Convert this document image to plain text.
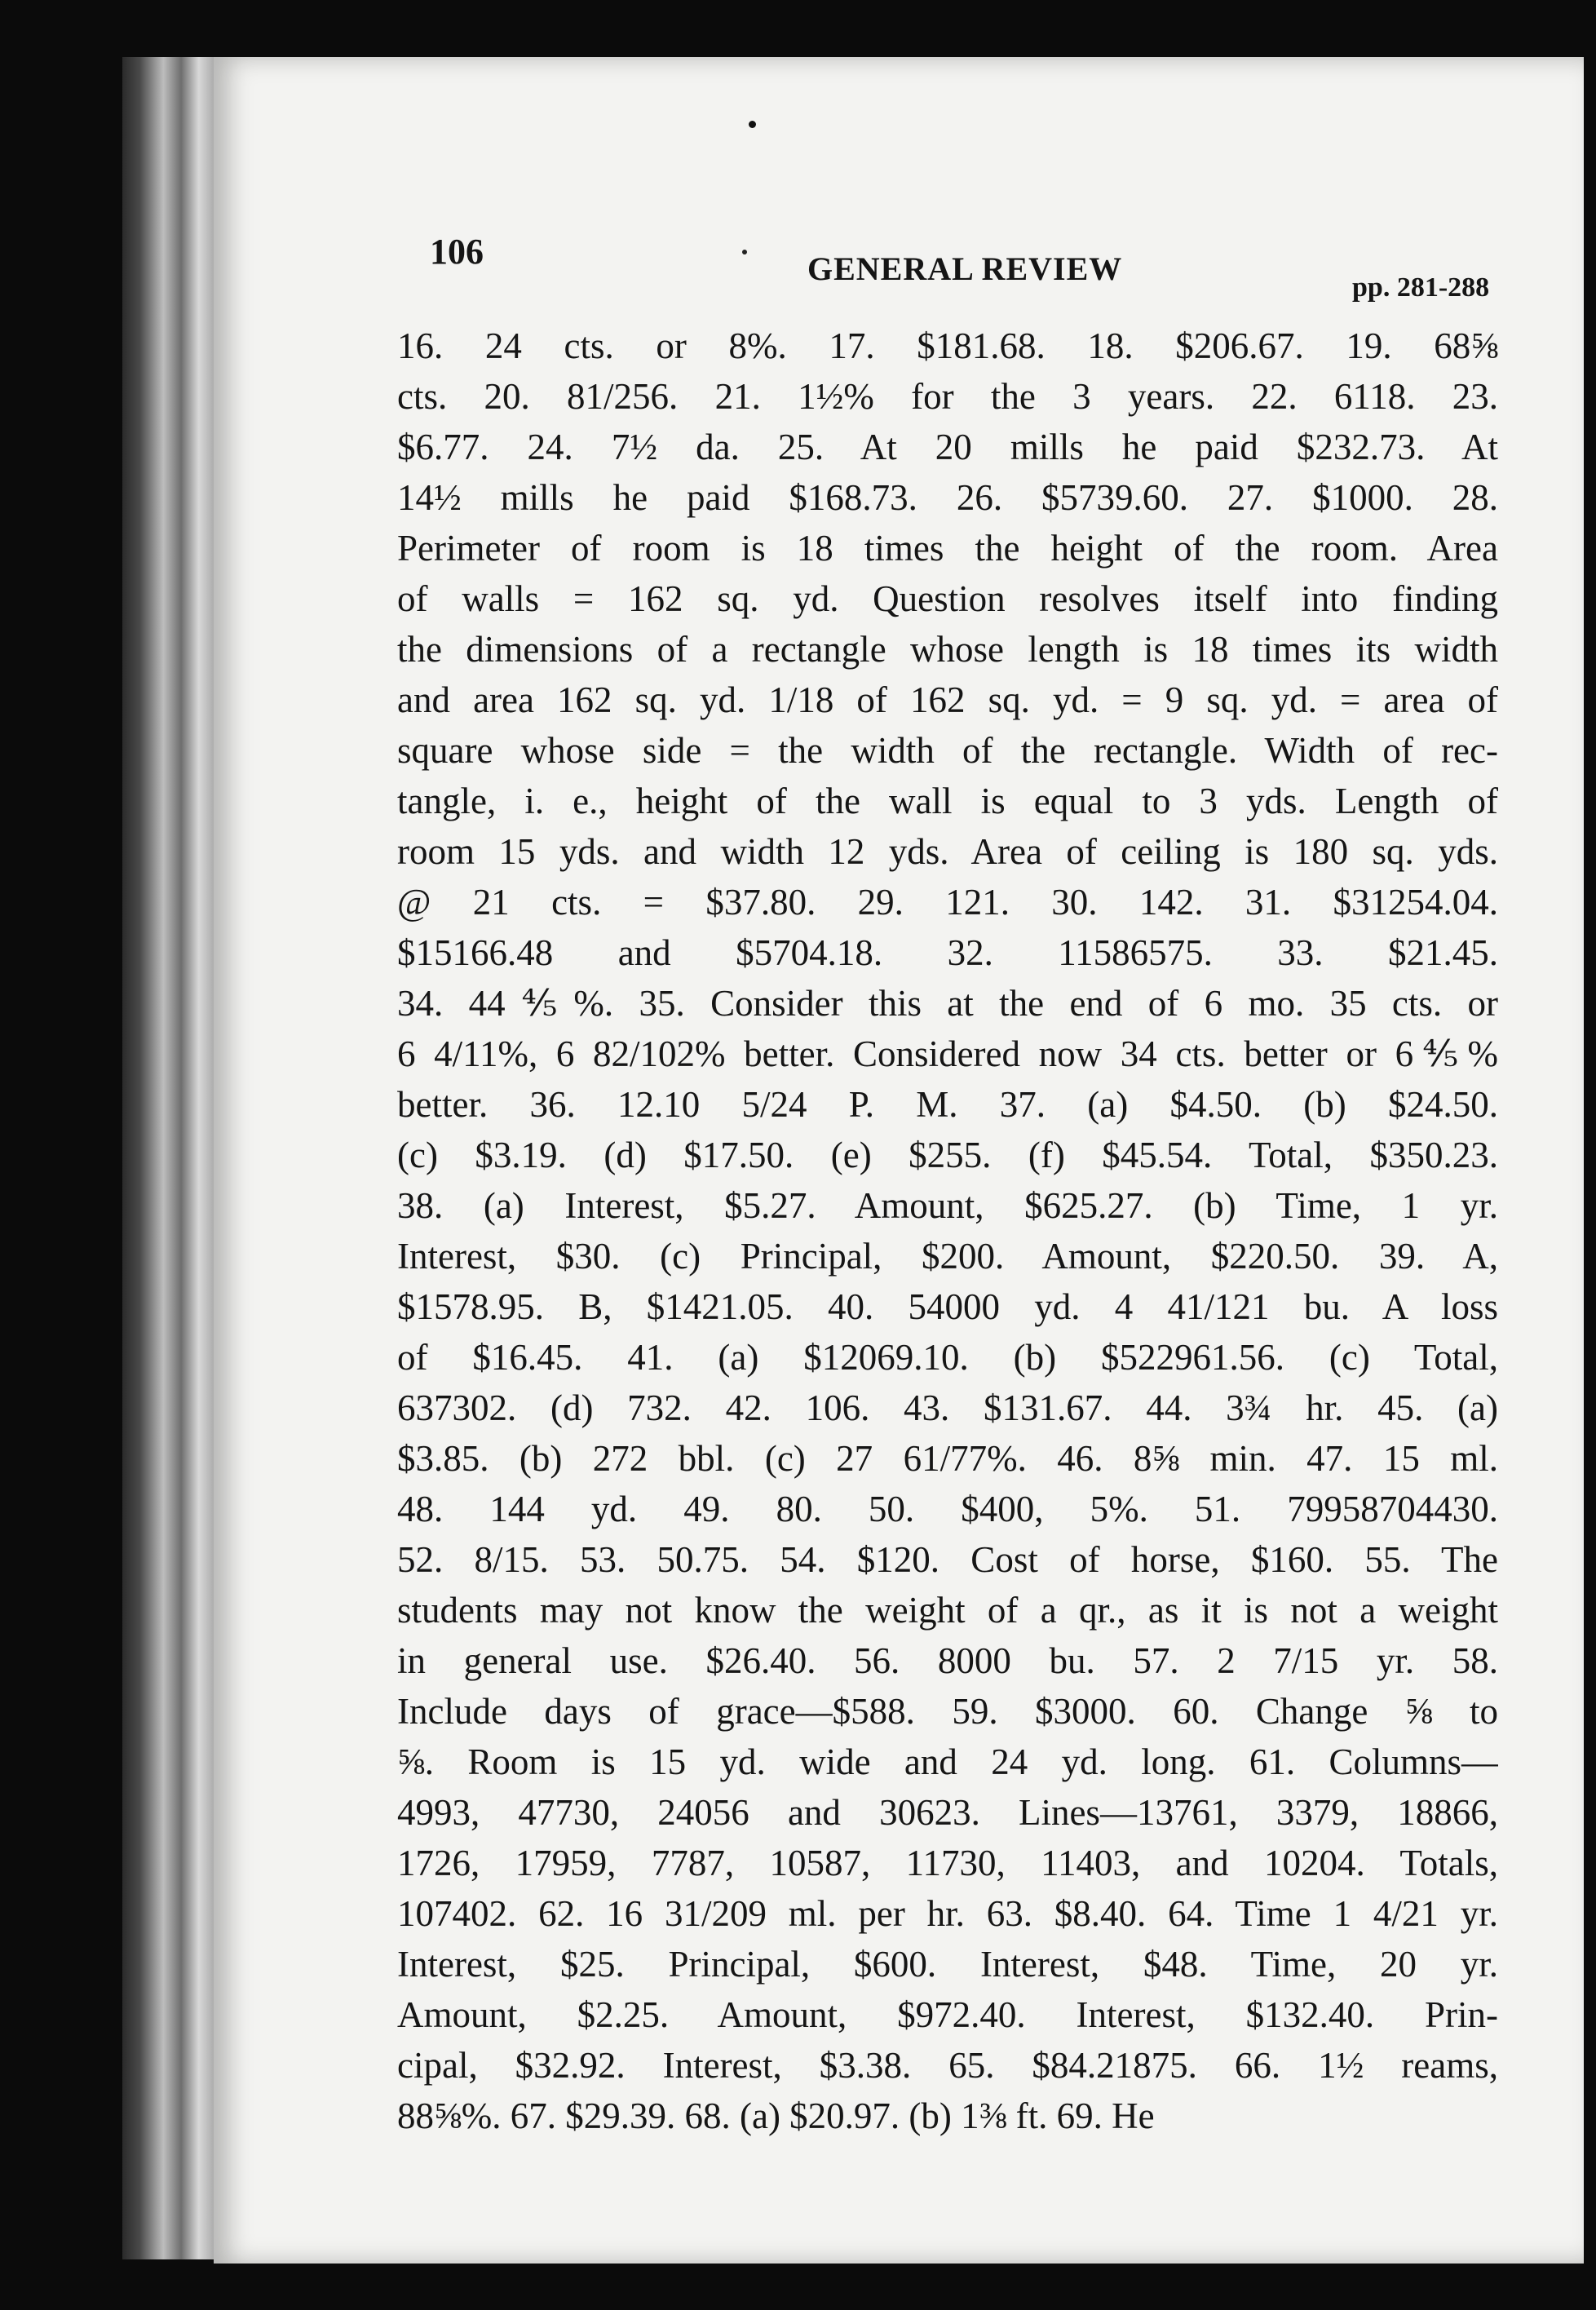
106	GENERAL REVIEW
pp. 281-288
16. 24 cts. or 8%. 17. $181.68. 18. $206.67. 19. 68⅝
cts. 20. 81/256. 21. 1½% for the 3 years. 22. 6118. 23.
$6.77. 24. 7½ da. 25. At 20 mills he paid $232.73. At
14½ mills he paid $168.73. 26. $5739.60. 27. $1000. 28.
Perimeter of room is 18 times the height of the room. Area
of walls = 162 sq. yd. Question resolves itself into finding
the dimensions of a rectangle whose length is 18 times its width
and area 162 sq. yd. 1/18 of 162 sq. yd. = 9 sq. yd. = area of
square whose side = the width of the rectangle. Width of rec-
tangle, i. e., height of the wall is equal to 3 yds. Length of
room 15 yds. and width 12 yds. Area of ceiling is 180 sq. yds.
@ 21 cts. = $37.80. 29. 121. 30. 142. 31. $31254.04.
$15166.48 and $5704.18. 32. 11586575. 33. $21.45.
34. 44⅘%. 35. Consider this at the end of 6 mo. 35 cts. or
6 4/11%, 6 82/102% better. Considered now 34 cts. better or 6⅘%
better. 36. 12.10 5/24 P. M. 37. (a) $4.50. (b) $24.50.
(c) $3.19. (d) $17.50. (e) $255. (f) $45.54. Total, $350.23.
38. (a) Interest, $5.27. Amount, $625.27. (b) Time, 1 yr.
Interest, $30. (c) Principal, $200. Amount, $220.50. 39. A,
$1578.95. B, $1421.05. 40. 54000 yd. 4 41/121 bu. A loss
of $16.45. 41. (a) $12069.10. (b) $522961.56. (c) Total,
637302. (d) 732. 42. 106. 43. $131.67. 44. 3¾ hr. 45. (a)
$3.85. (b) 272 bbl. (c) 27 61/77%. 46. 8⅝ min. 47. 15 ml.
48. 144 yd. 49. 80. 50. $400, 5%. 51. 79958704430.
52. 8/15. 53. 50.75. 54. $120. Cost of horse, $160. 55. The
students may not know the weight of a qr., as it is not a weight
in general use. $26.40. 56. 8000 bu. 57. 2 7/15 yr. 58.
Include days of grace—$588. 59. $3000. 60. Change ⅝ to
⅝. Room is 15 yd. wide and 24 yd. long. 61. Columns—
4993, 47730, 24056 and 30623. Lines—13761, 3379, 18866,
1726, 17959, 7787, 10587, 11730, 11403, and 10204. Totals,
107402. 62. 16 31/209 ml. per hr. 63. $8.40. 64. Time 1 4/21 yr.
Interest, $25. Principal, $600. Interest, $48. Time, 20 yr.
Amount, $2.25. Amount, $972.40. Interest, $132.40. Prin-
cipal, $32.92. Interest, $3.38. 65. $84.21875. 66. 1½ reams,
88⅝%. 67. $29.39. 68. (a) $20.97. (b) 1⅜ ft. 69. He
